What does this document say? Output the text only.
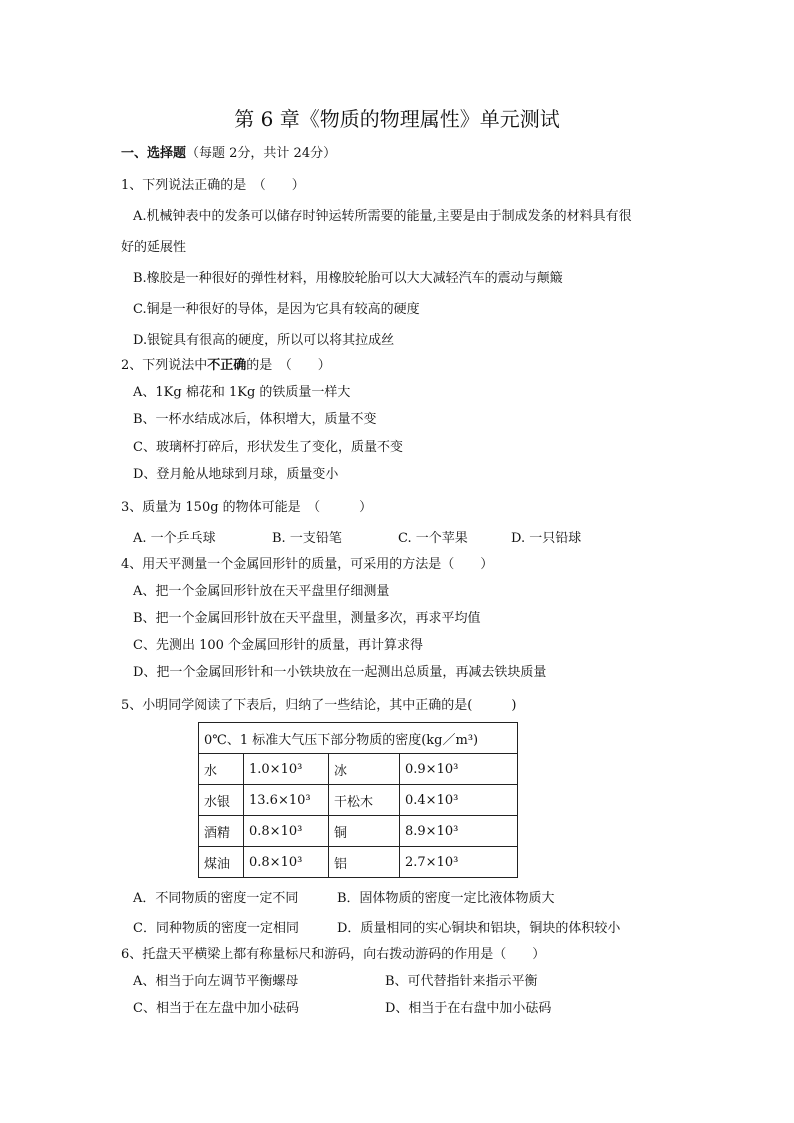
第 6 章《物质的物理属性》单元测试
一、选择题（每题 2分，共计 24分）
1、下列说法正确的是　（　　）
A.机械钟表中的发条可以储存时钟运转所需要的能量,主要是由于制成发条的材料具有很
好的延展性
B.橡胶是一种很好的弹性材料，用橡胶轮胎可以大大减轻汽车的震动与颠簸
C.铜是一种很好的导体，是因为它具有较高的硬度
D.银锭具有很高的硬度，所以可以将其拉成丝
2、下列说法中不正确的是　（　　）
A、1Kg 棉花和 1Kg 的铁质量一样大
B、一杯水结成冰后，体积增大，质量不变
C、玻璃杯打碎后，形状发生了变化，质量不变
D、登月舱从地球到月球，质量变小
3、质量为 150g 的物体可能是　（　　　）
A. 一个乒乓球	B. 一支铅笔	C. 一个苹果	D. 一只铅球
4、用天平测量一个金属回形针的质量，可采用的方法是（　　）
A、把一个金属回形针放在天平盘里仔细测量
B、把一个金属回形针放在天平盘里，测量多次，再求平均值
C、先测出 100 个金属回形针的质量，再计算求得
D、把一个金属回形针和一小铁块放在一起测出总质量，再减去铁块质量
5、小明同学阅读了下表后，归纳了一些结论，其中正确的是(　　　)
0℃、1 标准大气压下部分物质的密度(kg／m³)			
水	1.0×10³	冰	0.9×10³
水银	13.6×10³	干松木	0.4×10³
酒精	0.8×10³	铜	8.9×10³
煤油	0.8×10³	铝	2.7×10³
A．不同物质的密度一定不同	B．固体物质的密度一定比液体物质大
C．同种物质的密度一定相同	D．质量相同的实心铜块和铝块，铜块的体积较小
6、托盘天平横梁上都有称量标尺和游码，向右拨动游码的作用是（　　）
A、相当于向左调节平衡螺母	B、可代替指针来指示平衡
C、相当于在左盘中加小砝码	D、相当于在右盘中加小砝码
